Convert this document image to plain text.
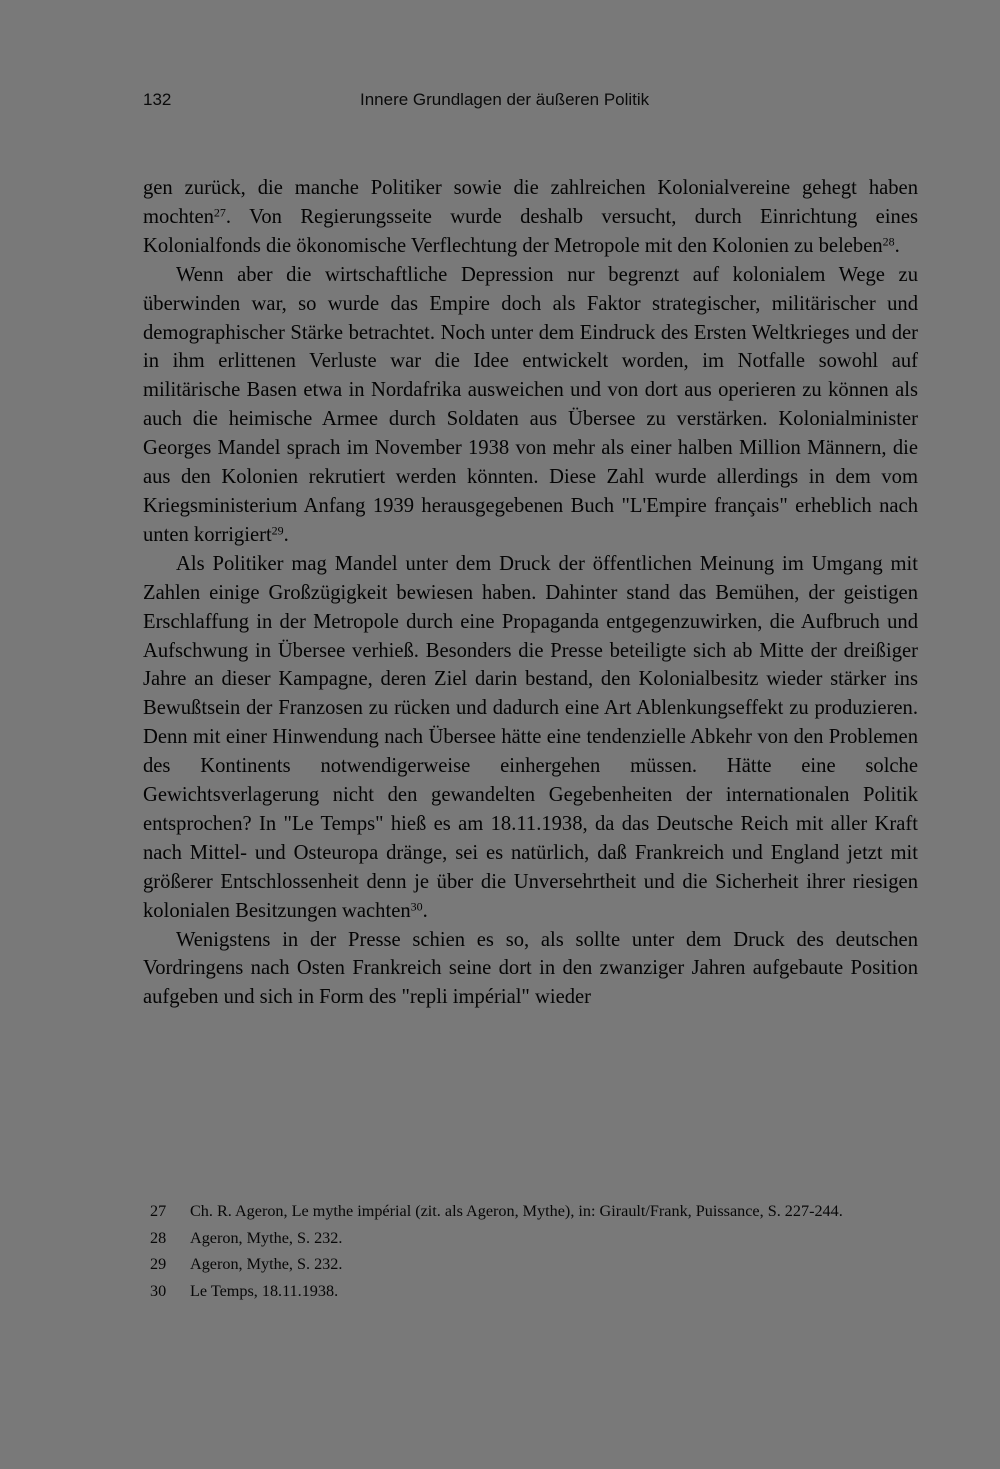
132	Innere Grundlagen der äußeren Politik

gen zurück, die manche Politiker sowie die zahlreichen Kolonialvereine gehegt haben mochten$^{27}$. Von Regierungsseite wurde deshalb versucht, durch Einrichtung eines Kolonialfonds die ökonomische Verflechtung der Metropole mit den Kolonien zu beleben$^{28}$.

Wenn aber die wirtschaftliche Depression nur begrenzt auf kolonialem Wege zu überwinden war, so wurde das Empire doch als Faktor strategischer, militärischer und demographischer Stärke betrachtet. Noch unter dem Eindruck des Ersten Weltkrieges und der in ihm erlittenen Verluste war die Idee entwickelt worden, im Notfalle sowohl auf militärische Basen etwa in Nordafrika ausweichen und von dort aus operieren zu können als auch die heimische Armee durch Soldaten aus Übersee zu verstärken. Kolonialminister Georges Mandel sprach im November 1938 von mehr als einer halben Million Männern, die aus den Kolonien rekrutiert werden könnten. Diese Zahl wurde allerdings in dem vom Kriegsministerium Anfang 1939 herausgegebenen Buch "L'Empire français" erheblich nach unten korrigiert$^{29}$.

Als Politiker mag Mandel unter dem Druck der öffentlichen Meinung im Umgang mit Zahlen einige Großzügigkeit bewiesen haben. Dahinter stand das Bemühen, der geistigen Erschlaffung in der Metropole durch eine Propaganda entgegenzuwirken, die Aufbruch und Aufschwung in Übersee verhieß. Besonders die Presse beteiligte sich ab Mitte der dreißiger Jahre an dieser Kampagne, deren Ziel darin bestand, den Kolonialbesitz wieder stärker ins Bewußtsein der Franzosen zu rücken und dadurch eine Art Ablenkungseffekt zu produzieren. Denn mit einer Hinwendung nach Übersee hätte eine tendenzielle Abkehr von den Problemen des Kontinents notwendigerweise einhergehen müssen. Hätte eine solche Gewichtsverlagerung nicht den gewandelten Gegebenheiten der internationalen Politik entsprochen? In "Le Temps" hieß es am 18.11.1938, da das Deutsche Reich mit aller Kraft nach Mittel- und Osteuropa dränge, sei es natürlich, daß Frankreich und England jetzt mit größerer Entschlossenheit denn je über die Unversehrtheit und die Sicherheit ihrer riesigen kolonialen Besitzungen wachten$^{30}$.

Wenigstens in der Presse schien es so, als sollte unter dem Druck des deutschen Vordringens nach Osten Frankreich seine dort in den zwanziger Jahren aufgebaute Position aufgeben und sich in Form des "repli impérial" wieder

27	Ch. R. Ageron, Le mythe impérial (zit. als Ageron, Mythe), in: Girault/Frank, Puissance, S. 227-244.
28	Ageron, Mythe, S. 232.
29	Ageron, Mythe, S. 232.
30	Le Temps, 18.11.1938.
